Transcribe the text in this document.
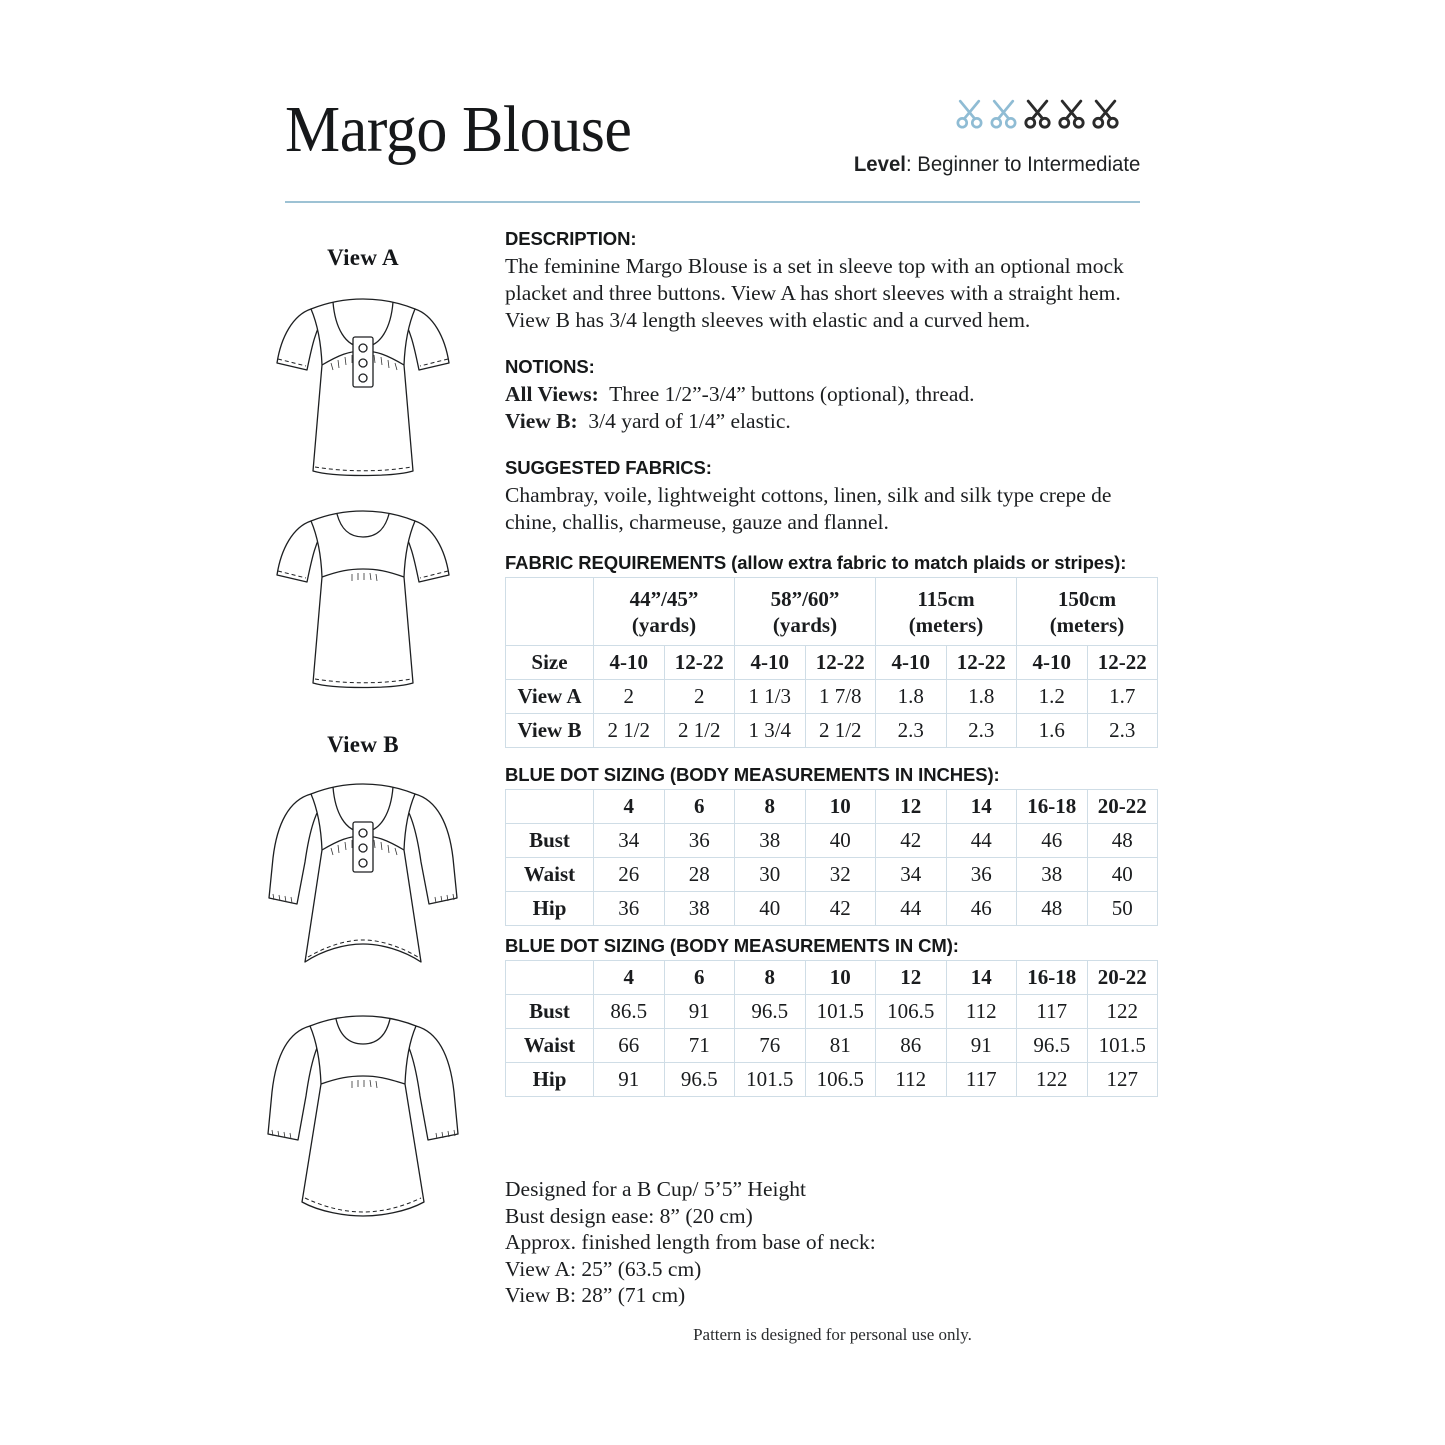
Margo Blouse	Level: Beginner to Intermediate
View A
View B
DESCRIPTION:
The feminine Margo Blouse is a set in sleeve top with an optional mock placket and three buttons. View A has short sleeves with a straight hem. View B has 3/4 length sleeves with elastic and a curved hem.
NOTIONS:
All Views: Three 1/2”-3/4” buttons (optional), thread.
View B: 3/4 yard of 1/4” elastic.
SUGGESTED FABRICS:
Chambray, voile, lightweight cottons, linen, silk and silk type crepe de chine, challis, charmeuse, gauze and flannel.
FABRIC REQUIREMENTS (allow extra fabric to match plaids or stripes):

	44”/45”
(yards)		58”/60”
(yards)		115cm
(meters)		150cm
(meters)	

Size	4-10	12-22	4-10	12-22	4-10	12-22	4-10	12-22
View A	2	2	1 1/3	1 7/8	1.8	1.8	1.2	1.7
View B	2 1/2	2 1/2	1 3/4	2 1/2	2.3	2.3	1.6	2.3
BLUE DOT SIZING (BODY MEASUREMENTS IN INCHES):
	4	6	8	10	12	14	16-18	20-22
Bust	34	36	38	40	42	44	46	48
Waist	26	28	30	32	34	36	38	40
Hip	36	38	40	42	44	46	48	50
BLUE DOT SIZING (BODY MEASUREMENTS IN CM):
	4	6	8	10	12	14	16-18	20-22
Bust	86.5	91	96.5	101.5	106.5	112	117	122
Waist	66	71	76	81	86	91	96.5	101.5
Hip	91	96.5	101.5	106.5	112	117	122	127
Designed for a B Cup/ 5’5” Height
Bust design ease: 8” (20 cm)
Approx. finished length from base of neck:
View A: 25” (63.5 cm)
View B: 28” (71 cm)
Pattern is designed for personal use only.
